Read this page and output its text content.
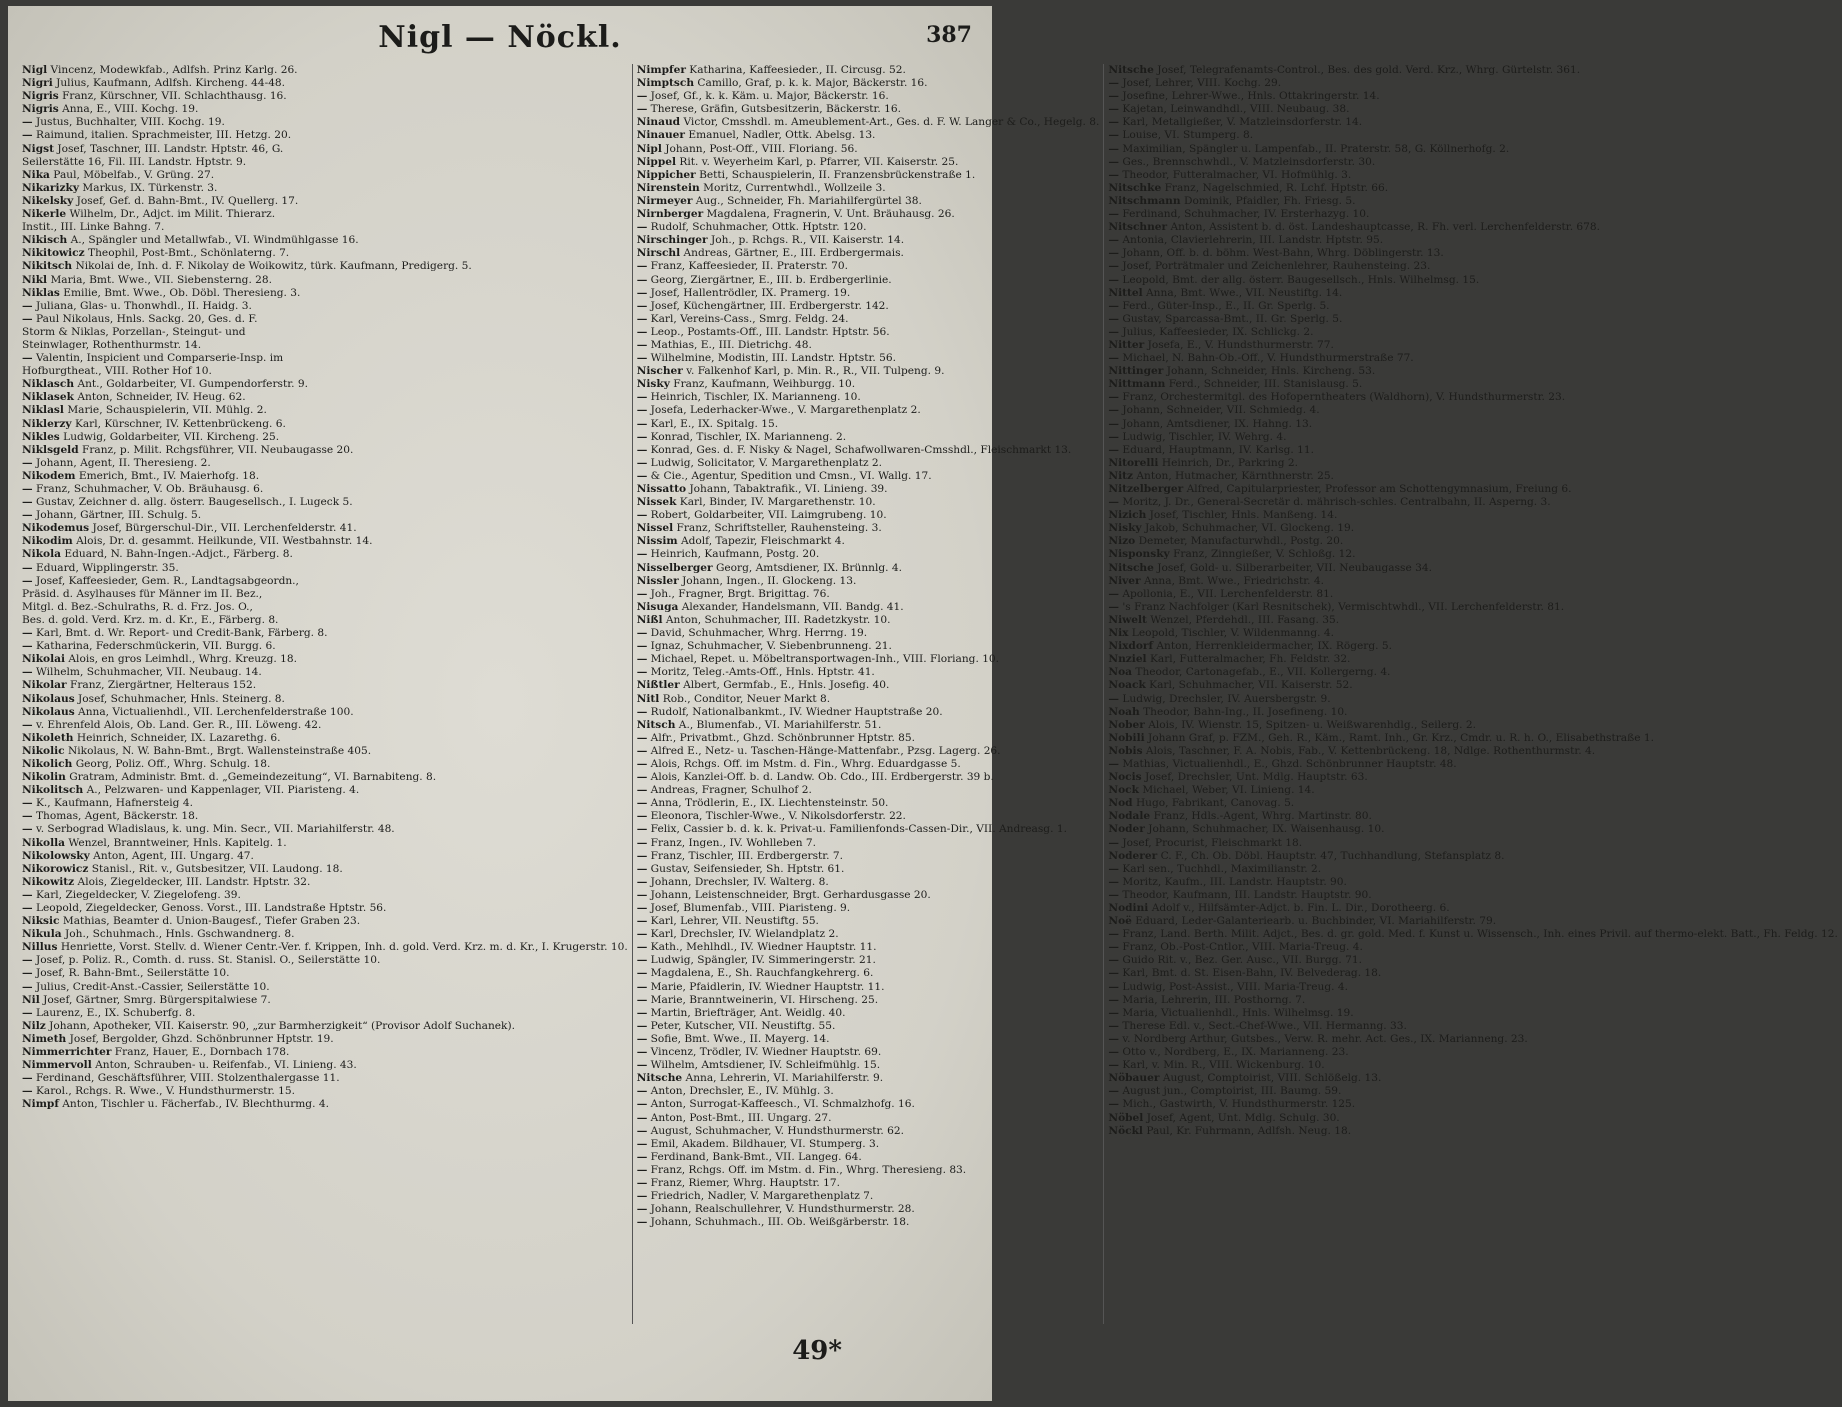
Nigl — Nöckl.	387

Nigl Vincenz, Modewkfab., Adlfsh. Prinz Karlg. 26.

Nigri Julius, Kaufmann, Adlfsh. Kircheng. 44-48.

Nigris Franz, Kürschner, VII. Schlachthausg. 16.

Nigris Anna, E., VIII. Kochg. 19.

— Justus, Buchhalter, VIII. Kochg. 19.

— Raimund, italien. Sprachmeister, III. Hetzg. 20.

Nigst Josef, Taschner, III. Landstr. Hptstr. 46, G.

Seilerstätte 16, Fil. III. Landstr. Hptstr. 9.

Nika Paul, Möbelfab., V. Grüng. 27.

Nikarizky Markus, IX. Türkenstr. 3.

Nikelsky Josef, Gef. d. Bahn-Bmt., IV. Quellerg. 17.

Nikerle Wilhelm, Dr., Adjct. im Milit. Thierarz.

Instit., III. Linke Bahng. 7.

Nikisch A., Spängler und Metallwfab., VI. Windmühlgasse 16.

Nikitowicz Theophil, Post-Bmt., Schönlaterng. 7.

Nikitsch Nikolai de, Inh. d. F. Nikolay de Woikowitz, türk. Kaufmann, Predigerg. 5.

Nikl Maria, Bmt. Wwe., VII. Siebensterng. 28.

Niklas Emilie, Bmt. Wwe., Ob. Döbl. Theresieng. 3.

— Juliana, Glas- u. Thonwhdl., II. Haidg. 3.

— Paul Nikolaus, Hnls. Sackg. 20, Ges. d. F.

Storm & Niklas, Porzellan-, Steingut- und

Steinwlager, Rothenthurmstr. 14.

— Valentin, Inspicient und Comparserie-Insp. im

Hofburgtheat., VIII. Rother Hof 10.

Niklasch Ant., Goldarbeiter, VI. Gumpendorferstr. 9.

Niklasek Anton, Schneider, IV. Heug. 62.

Niklasl Marie, Schauspielerin, VII. Mühlg. 2.

Niklerzy Karl, Kürschner, IV. Kettenbrückeng. 6.

Nikles Ludwig, Goldarbeiter, VII. Kircheng. 25.

Niklsgeld Franz, p. Milit. Rchgsführer, VII. Neubaugasse 20.

— Johann, Agent, II. Theresieng. 2.

Nikodem Emerich, Bmt., IV. Maierhofg. 18.

— Franz, Schuhmacher, V. Ob. Bräuhausg. 6.

— Gustav, Zeichner d. allg. österr. Baugesellsch., I. Lugeck 5.

— Johann, Gärtner, III. Schulg. 5.

Nikodemus Josef, Bürgerschul-Dir., VII. Lerchenfelderstr. 41.

Nikodim Alois, Dr. d. gesammt. Heilkunde, VII. Westbahnstr. 14.

Nikola Eduard, N. Bahn-Ingen.-Adjct., Färberg. 8.

— Eduard, Wipplingerstr. 35.

— Josef, Kaffeesieder, Gem. R., Landtagsabgeordn.,

Präsid. d. Asylhauses für Männer im II. Bez.,

Mitgl. d. Bez.-Schulraths, R. d. Frz. Jos. O.,

Bes. d. gold. Verd. Krz. m. d. Kr., E., Färberg. 8.

— Karl, Bmt. d. Wr. Report- und Credit-Bank, Färberg. 8.

— Katharina, Federschmückerin, VII. Burgg. 6.

Nikolai Alois, en gros Leimhdl., Whrg. Kreuzg. 18.

— Wilhelm, Schuhmacher, VII. Neubaug. 14.

Nikolar Franz, Ziergärtner, Helteraus 152.

Nikolaus Josef, Schuhmacher, Hnls. Steinerg. 8.

Nikolaus Anna, Victualienhdl., VII. Lerchenfelderstraße 100.

— v. Ehrenfeld Alois, Ob. Land. Ger. R., III. Löweng. 42.

Nikoleth Heinrich, Schneider, IX. Lazarethg. 6.

Nikolic Nikolaus, N. W. Bahn-Bmt., Brgt. Wallensteinstraße 405.

Nikolich Georg, Poliz. Off., Whrg. Schulg. 18.

Nikolin Gratram, Administr. Bmt. d. „Gemeindezeitung“, VI. Barnabiteng. 8.

Nikolitsch A., Pelzwaren- und Kappenlager, VII. Piaristeng. 4.

— K., Kaufmann, Hafnersteig 4.

— Thomas, Agent, Bäckerstr. 18.

— v. Serbograd Wladislaus, k. ung. Min. Secr., VII. Mariahilferstr. 48.

Nikolla Wenzel, Branntweiner, Hnls. Kapitelg. 1.

Nikolowsky Anton, Agent, III. Ungarg. 47.

Nikorowicz Stanisl., Rit. v., Gutsbesitzer, VII. Laudong. 18.

Nikowitz Alois, Ziegeldecker, III. Landstr. Hptstr. 32.

— Karl, Ziegeldecker, V. Ziegelofeng. 39.

— Leopold, Ziegeldecker, Genoss. Vorst., III. Landstraße Hptstr. 56.

Niksic Mathias, Beamter d. Union-Baugesf., Tiefer Graben 23.

Nikula Joh., Schuhmach., Hnls. Gschwandnerg. 8.

Nillus Henriette, Vorst. Stellv. d. Wiener Centr.-Ver. f. Krippen, Inh. d. gold. Verd. Krz. m. d. Kr., I. Krugerstr. 10.

— Josef, p. Poliz. R., Comth. d. russ. St. Stanisl. O., Seilerstätte 10.

— Josef, R. Bahn-Bmt., Seilerstätte 10.

— Julius, Credit-Anst.-Cassier, Seilerstätte 10.

Nil Josef, Gärtner, Smrg. Bürgerspitalwiese 7.

— Laurenz, E., IX. Schuberfg. 8.

Nilz Johann, Apotheker, VII. Kaiserstr. 90, „zur Barmherzigkeit“ (Provisor Adolf Suchanek).

Nimeth Josef, Bergolder, Ghzd. Schönbrunner Hptstr. 19.

Nimmerrichter Franz, Hauer, E., Dornbach 178.

Nimmervoll Anton, Schrauben- u. Reifenfab., VI. Linieng. 43.

— Ferdinand, Geschäftsführer, VIII. Stolzenthalergasse 11.

— Karol., Rchgs. R. Wwe., V. Hundsthurmerstr. 15.

Nimpf Anton, Tischler u. Fächerfab., IV. Blechthurmg. 4.

Nimpfer Katharina, Kaffeesieder., II. Circusg. 52.

Nimptsch Camillo, Graf, p. k. k. Major, Bäckerstr. 16.

— Josef, Gf., k. k. Käm. u. Major, Bäckerstr. 16.

— Therese, Gräfin, Gutsbesitzerin, Bäckerstr. 16.

Ninaud Victor, Cmsshdl. m. Ameublement-Art., Ges. d. F. W. Langer & Co., Hegelg. 8.

Ninauer Emanuel, Nadler, Ottk. Abelsg. 13.

Nipl Johann, Post-Off., VIII. Floriang. 56.

Nippel Rit. v. Weyerheim Karl, p. Pfarrer, VII. Kaiserstr. 25.

Nippicher Betti, Schauspielerin, II. Franzensbrückenstraße 1.

Nirenstein Moritz, Currentwhdl., Wollzeile 3.

Nirmeyer Aug., Schneider, Fh. Mariahilfergürtel 38.

Nirnberger Magdalena, Fragnerin, V. Unt. Bräuhausg. 26.

— Rudolf, Schuhmacher, Ottk. Hptstr. 120.

Nirschinger Joh., p. Rchgs. R., VII. Kaiserstr. 14.

Nirschl Andreas, Gärtner, E., III. Erdbergermais.

— Franz, Kaffeesieder, II. Praterstr. 70.

— Georg, Ziergärtner, E., III. b. Erdbergerlinie.

— Josef, Hallentrödler, IX. Pramerg. 19.

— Josef, Küchengärtner, III. Erdbergerstr. 142.

— Karl, Vereins-Cass., Smrg. Feldg. 24.

— Leop., Postamts-Off., III. Landstr. Hptstr. 56.

— Mathias, E., III. Dietrichg. 48.

— Wilhelmine, Modistin, III. Landstr. Hptstr. 56.

Nischer v. Falkenhof Karl, p. Min. R., R., VII. Tulpeng. 9.

Nisky Franz, Kaufmann, Weihburgg. 10.

— Heinrich, Tischler, IX. Marianneng. 10.

— Josefa, Lederhacker-Wwe., V. Margarethenplatz 2.

— Karl, E., IX. Spitalg. 15.

— Konrad, Tischler, IX. Marianneng. 2.

— Konrad, Ges. d. F. Nisky & Nagel, Schafwollwaren-Cmsshdl., Fleischmarkt 13.

— Ludwig, Solicitator, V. Margarethenplatz 2.

— & Cie., Agentur, Spedition und Cmsn., VI. Wallg. 17.

Nissatto Johann, Tabaktrafik., VI. Linieng. 39.

Nissek Karl, Binder, IV. Margarethenstr. 10.

— Robert, Goldarbeiter, VII. Laimgrubeng. 10.

Nissel Franz, Schriftsteller, Rauhensteing. 3.

Nissim Adolf, Tapezir, Fleischmarkt 4.

— Heinrich, Kaufmann, Postg. 20.

Nisselberger Georg, Amtsdiener, IX. Brünnlg. 4.

Nissler Johann, Ingen., II. Glockeng. 13.

— Joh., Fragner, Brgt. Brigittag. 76.

Nisuga Alexander, Handelsmann, VII. Bandg. 41.

Nißl Anton, Schuhmacher, III. Radetzkystr. 10.

— David, Schuhmacher, Whrg. Herrng. 19.

— Ignaz, Schuhmacher, V. Siebenbrunneng. 21.

— Michael, Repet. u. Möbeltransportwagen-Inh., VIII. Floriang. 10.

— Moritz, Teleg.-Amts-Off., Hnls. Hptstr. 41.

Nißtler Albert, Germfab., E., Hnls. Josefig. 40.

Nitl Rob., Conditor, Neuer Markt 8.

— Rudolf, Nationalbankmt., IV. Wiedner Hauptstraße 20.

Nitsch A., Blumenfab., VI. Mariahilferstr. 51.

— Alfr., Privatbmt., Ghzd. Schönbrunner Hptstr. 85.

— Alfred E., Netz- u. Taschen-Hänge-Mattenfabr., Pzsg. Lagerg. 26.

— Alois, Rchgs. Off. im Mstm. d. Fin., Whrg. Eduardgasse 5.

— Alois, Kanzlei-Off. b. d. Landw. Ob. Cdo., III. Erdbergerstr. 39 b.

— Andreas, Fragner, Schulhof 2.

— Anna, Trödlerin, E., IX. Liechtensteinstr. 50.

— Eleonora, Tischler-Wwe., V. Nikolsdorferstr. 22.

— Felix, Cassier b. d. k. k. Privat-u. Familienfonds-Cassen-Dir., VII. Andreasg. 1.

— Franz, Ingen., IV. Wohlleben 7.

— Franz, Tischler, III. Erdbergerstr. 7.

— Gustav, Seifensieder, Sh. Hptstr. 61.

— Johann, Drechsler, IV. Walterg. 8.

— Johann, Leistenschneider, Brgt. Gerhardusgasse 20.

— Josef, Blumenfab., VIII. Piaristeng. 9.

— Karl, Lehrer, VII. Neustiftg. 55.

— Karl, Drechsler, IV. Wielandplatz 2.

— Kath., Mehlhdl., IV. Wiedner Hauptstr. 11.

— Ludwig, Spängler, IV. Simmeringerstr. 21.

— Magdalena, E., Sh. Rauchfangkehrerg. 6.

— Marie, Pfaidlerin, IV. Wiedner Hauptstr. 11.

— Marie, Branntweinerin, VI. Hirscheng. 25.

— Martin, Briefträger, Ant. Weidlg. 40.

— Peter, Kutscher, VII. Neustiftg. 55.

— Sofie, Bmt. Wwe., II. Mayerg. 14.

— Vincenz, Trödler, IV. Wiedner Hauptstr. 69.

— Wilhelm, Amtsdiener, IV. Schleifmühlg. 15.

Nitsche Anna, Lehrerin, VI. Mariahilferstr. 9.

— Anton, Drechsler, E., IV. Mühlg. 3.

— Anton, Surrogat-Kaffeesch., VI. Schmalzhofg. 16.

— Anton, Post-Bmt., III. Ungarg. 27.

— August, Schuhmacher, V. Hundsthurmerstr. 62.

— Emil, Akadem. Bildhauer, VI. Stumperg. 3.

— Ferdinand, Bank-Bmt., VII. Langeg. 64.

— Franz, Rchgs. Off. im Mstm. d. Fin., Whrg. Theresieng. 83.

— Franz, Riemer, Whrg. Hauptstr. 17.

— Friedrich, Nadler, V. Margarethenplatz 7.

— Johann, Realschullehrer, V. Hundsthurmerstr. 28.

— Johann, Schuhmach., III. Ob. Weißgärberstr. 18.

Nitsche Josef, Telegrafenamts-Control., Bes. des gold. Verd. Krz., Whrg. Gürtelstr. 361.

— Josef, Lehrer, VIII. Kochg. 29.

— Josefine, Lehrer-Wwe., Hnls. Ottakringerstr. 14.

— Kajetan, Leinwandhdl., VIII. Neubaug. 38.

— Karl, Metallgießer, V. Matzleinsdorferstr. 14.

— Louise, VI. Stumperg. 8.

— Maximilian, Spängler u. Lampenfab., II. Praterstr. 58, G. Köllnerhofg. 2.

— Ges., Brennschwhdl., V. Matzleinsdorferstr. 30.

— Theodor, Futteralmacher, VI. Hofmühlg. 3.

Nitschke Franz, Nagelschmied, R. Lchf. Hptstr. 66.

Nitschmann Dominik, Pfaidler, Fh. Friesg. 5.

— Ferdinand, Schuhmacher, IV. Ersterhazyg. 10.

Nitschner Anton, Assistent b. d. öst. Landeshauptcasse, R. Fh. verl. Lerchenfelderstr. 678.

— Antonia, Clavierlehrerin, III. Landstr. Hptstr. 95.

— Johann, Off. b. d. böhm. West-Bahn, Whrg. Döblingerstr. 13.

— Josef, Porträtmaler und Zeichenlehrer, Rauhensteing. 23.

— Leopold, Bmt. der allg. österr. Baugesellsch., Hnls. Wilhelmsg. 15.

Nittel Anna, Bmt. Wwe., VII. Neustiftg. 14.

— Ferd., Güter-Insp., E., II. Gr. Sperlg. 5.

— Gustav, Sparcassa-Bmt., II. Gr. Sperlg. 5.

— Julius, Kaffeesieder, IX. Schlickg. 2.

Nitter Josefa, E., V. Hundsthurmerstr. 77.

— Michael, N. Bahn-Ob.-Off., V. Hundsthurmerstraße 77.

Nittinger Johann, Schneider, Hnls. Kircheng. 53.

Nittmann Ferd., Schneider, III. Stanislausg. 5.

— Franz, Orchestermitgl. des Hofoperntheaters (Waldhorn), V. Hundsthurmerstr. 23.

— Johann, Schneider, VII. Schmiedg. 4.

— Johann, Amtsdiener, IX. Hahng. 13.

— Ludwig, Tischler, IV. Wehrg. 4.

— Eduard, Hauptmann, IV. Karlsg. 11.

Nitorelli Heinrich, Dr., Parkring 2.

Nitz Anton, Hutmacher, Kärnthnerstr. 25.

Nitzelberger Alfred, Capitularpriester, Professor am Schottengymnasium, Freiung 6.

— Moritz, J. Dr., General-Secretär d. mährisch-schles. Centralbahn, II. Asperng. 3.

Nizich Josef, Tischler, Hnls. Manßeng. 14.

Nisky Jakob, Schuhmacher, VI. Glockeng. 19.

Nizo Demeter, Manufacturwhdl., Postg. 20.

Nisponsky Franz, Zinngießer, V. Schloßg. 12.

Nitsche Josef, Gold- u. Silberarbeiter, VII. Neubaugasse 34.

Niver Anna, Bmt. Wwe., Friedrichstr. 4.

— Apollonia, E., VII. Lerchenfelderstr. 81.

— 's Franz Nachfolger (Karl Resnitschek), Vermischtwhdl., VII. Lerchenfelderstr. 81.

Niwelt Wenzel, Pferdehdl., III. Fasang. 35.

Nix Leopold, Tischler, V. Wildenmanng. 4.

Nixdorf Anton, Herrenkleidermacher, IX. Rögerg. 5.

Nnziel Karl, Futteralmacher, Fh. Feldstr. 32.

Noa Theodor, Cartonagefab., E., VII. Kollergerng. 4.

Noack Karl, Schuhmacher, VII. Kaiserstr. 52.

— Ludwig, Drechsler, IV. Auersbergstr. 9.

Noah Theodor, Bahn-Ing., II. Josefineng. 10.

Nober Alois, IV. Wienstr. 15, Spitzen- u. Weißwarenhdlg., Seilerg. 2.

Nobili Johann Graf, p. FZM., Geh. R., Käm., Ramt. Inh., Gr. Krz., Cmdr. u. R. h. O., Elisabethstraße 1.

Nobis Alois, Taschner, F. A. Nobis, Fab., V. Kettenbrückeng. 18, Ndlge. Rothenthurmstr. 4.

— Mathias, Victualienhdl., E., Ghzd. Schönbrunner Hauptstr. 48.

Nocis Josef, Drechsler, Unt. Mdlg. Hauptstr. 63.

Nock Michael, Weber, VI. Linieng. 14.

Nod Hugo, Fabrikant, Canovag. 5.

Nodale Franz, Hdls.-Agent, Whrg. Martinstr. 80.

Noder Johann, Schuhmacher, IX. Waisenhausg. 10.

— Josef, Procurist, Fleischmarkt 18.

Noderer C. F., Ch. Ob. Döbl. Hauptstr. 47, Tuchhandlung, Stefansplatz 8.

— Karl sen., Tuchhdl., Maximilianstr. 2.

— Moritz, Kaufm., III. Landstr. Hauptstr. 90.

— Theodor, Kaufmann, III. Landstr. Hauptstr. 90.

Nodini Adolf v., Hilfsämter-Adjct. b. Fin. L. Dir., Dorotheerg. 6.

Noë Eduard, Leder-Galanteriearb. u. Buchbinder, VI. Mariahilferstr. 79.

— Franz, Land. Berth. Milit. Adjct., Bes. d. gr. gold. Med. f. Kunst u. Wissensch., Inh. eines Privil. auf thermo-elekt. Batt., Fh. Feldg. 12.

— Franz, Ob.-Post-Cntlor., VIII. Maria-Treug. 4.

— Guido Rit. v., Bez. Ger. Ausc., VII. Burgg. 71.

— Karl, Bmt. d. St. Eisen-Bahn, IV. Belvederag. 18.

— Ludwig, Post-Assist., VIII. Maria-Treug. 4.

— Maria, Lehrerin, III. Posthorng. 7.

— Maria, Victualienhdl., Hnls. Wilhelmsg. 19.

— Therese Edl. v., Sect.-Chef-Wwe., VII. Hermanng. 33.

— v. Nordberg Arthur, Gutsbes., Verw. R. mehr. Act. Ges., IX. Marianneng. 23.

— Otto v., Nordberg, E., IX. Marianneng. 23.

— Karl, v. Min. R., VIII. Wickenburg. 10.

Nöbauer August, Comptoirist, VIII. Schlößelg. 13.

— August jun., Comptoirist, III. Baumg. 59.

— Mich., Gastwirth, V. Hundsthurmerstr. 125.

Nöbel Josef, Agent, Unt. Mdlg. Schulg. 30.

Nöckl Paul, Kr. Fuhrmann, Adlfsh. Neug. 18.

49*
